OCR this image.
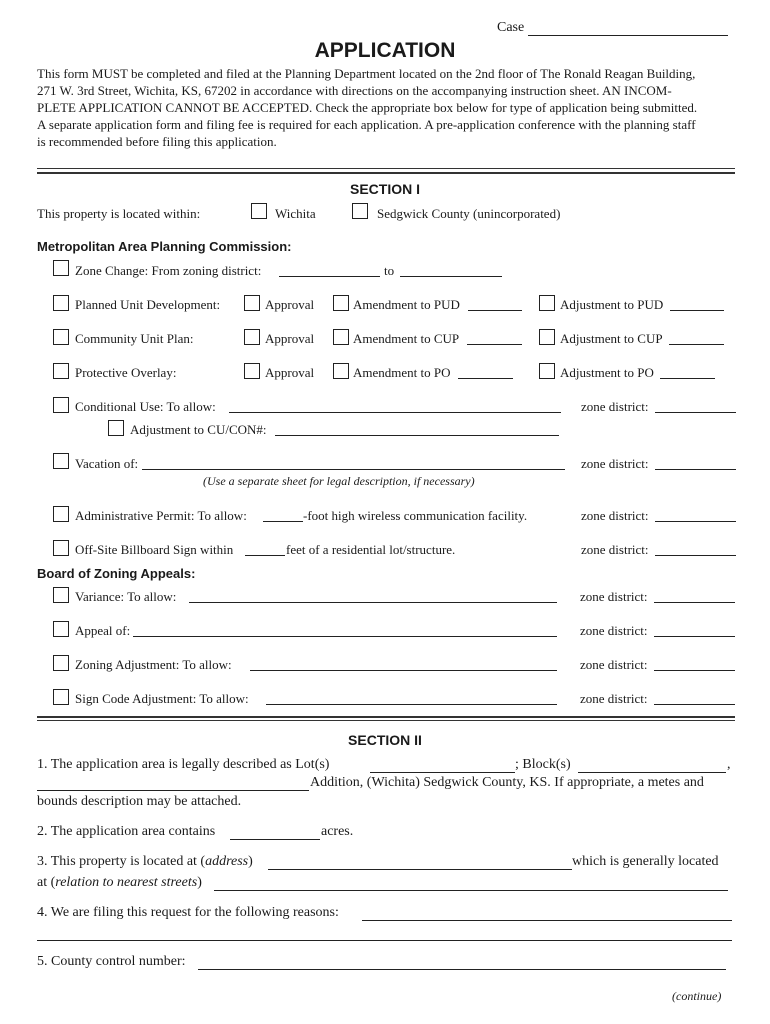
Case
APPLICATION
This form MUST be completed and filed at the Planning Department located on the 2nd floor of The Ronald Reagan Building,
271 W. 3rd Street, Wichita, KS, 67202 in accordance with directions on the accompanying instruction sheet. AN INCOM-
PLETE APPLICATION CANNOT BE ACCEPTED. Check the appropriate box below for type of application being submitted.
A separate application form and filing fee is required for each application. A pre-application conference with the planning staff
is recommended before filing this application.
SECTION I
This property is located within:	Wichita	Sedgwick County (unincorporated)
Metropolitan Area Planning Commission:
Zone Change: From zoning district:	to
Planned Unit Development:	Approval	Amendment to PUD	Adjustment to PUD
Community Unit Plan:	Approval	Amendment to CUP	Adjustment to CUP
Protective Overlay:	Approval	Amendment to PO	Adjustment to PO
Conditional Use: To allow:	zone district:
Adjustment to CU/CON#:
Vacation of:	zone district:
(Use a separate sheet for legal description, if necessary)
Administrative Permit: To allow:	-foot high wireless communication facility.	zone district:
Off-Site Billboard Sign within	feet of a residential lot/structure.	zone district:
Board of Zoning Appeals:
Variance: To allow:	zone district:
Appeal of:	zone district:
Zoning Adjustment: To allow:	zone district:
Sign Code Adjustment: To allow:	zone district:
SECTION II
1. The application area is legally described as Lot(s)	; Block(s)	,
Addition, (Wichita) Sedgwick County, KS. If appropriate, a metes and
bounds description may be attached.
2. The application area contains	acres.
3. This property is located at (address)	which is generally located
at (relation to nearest streets)
4. We are filing this request for the following reasons:
5. County control number:
(continue)
